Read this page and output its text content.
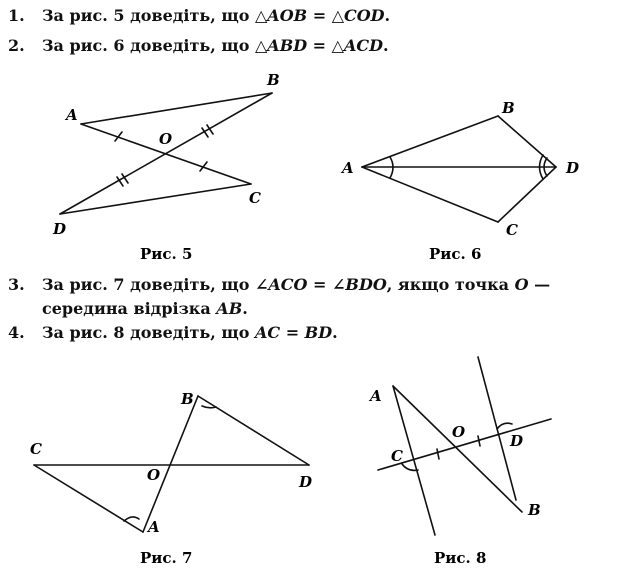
1. За рис. 5 доведіть, що △AOB = △COD.
2. За рис. 6 доведіть, що △ABD = △ACD.
3. За рис. 7 доведіть, що ∠ACO = ∠BDO, якщо точка O —
середина відрізка AB.
4. За рис. 8 доведіть, що AC = BD.
A
B
C
D
O
Рис. 5
A
B
C
D
Рис. 6
A
B
C
D
O
Рис. 7
A
B
C
D
O
Рис. 8
